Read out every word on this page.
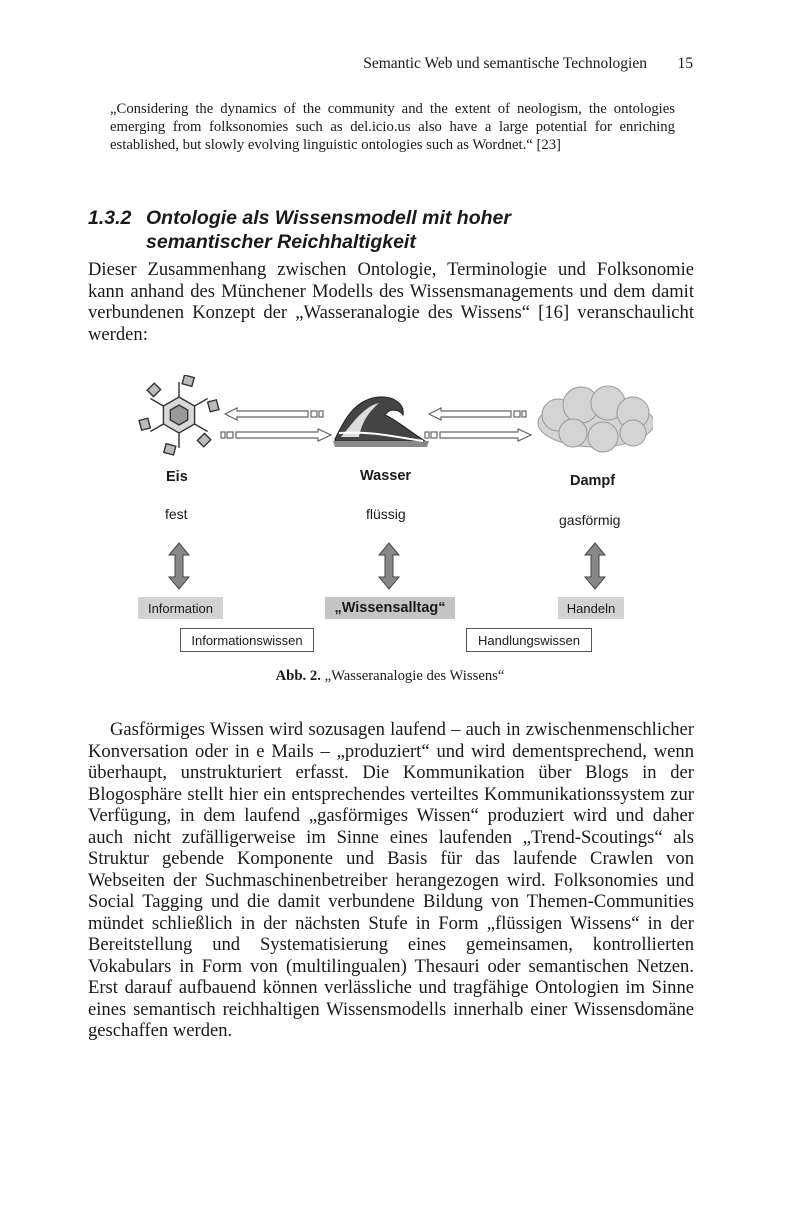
Semantic Web und semantische Technologien 15
„Considering the dynamics of the community and the extent of neologism, the ontologies emerging from folksonomies such as del.icio.us also have a large potential for enriching established, but slowly evolving linguistic ontologies such as Wordnet.“ [23]
1.3.2 Ontologie als Wissensmodell mit hoher
semantischer Reichhaltigkeit
Dieser Zusammenhang zwischen Ontologie, Terminologie und Folksonomie kann anhand des Münchener Modells des Wissensmanagements und dem damit verbundenen Konzept der „Wasseranalogie des Wissens“ [16] veranschaulicht werden:
Eis
fest
Wasser
flüssig
Dampf
gasförmig
Information	„Wissensalltag“	Handeln
Informationswissen	Handlungswissen
Abb. 2. „Wasseranalogie des Wissens“
Gasförmiges Wissen wird sozusagen laufend – auch in zwischenmenschlicher Konversation oder in e Mails – „produziert“ und wird dementsprechend, wenn überhaupt, unstrukturiert erfasst. Die Kommunikation über Blogs in der Blogosphäre stellt hier ein entsprechendes verteiltes Kommunikationssystem zur Verfügung, in dem laufend „gasförmiges Wissen“ produziert wird und daher auch nicht zufälligerweise im Sinne eines laufenden „Trend-Scoutings“ als Struktur gebende Komponente und Basis für das laufende Crawlen von Webseiten der Suchmaschinenbetreiber herangezogen wird. Folksonomies und Social Tagging und die damit verbundene Bildung von Themen-Communities mündet schließlich in der nächsten Stufe in Form „flüssigen Wissens“ in der Bereitstellung und Systematisierung eines gemeinsamen, kontrollierten Vokabulars in Form von (multilingualen) Thesauri oder semantischen Netzen. Erst darauf aufbauend können verlässliche und tragfähige Ontologien im Sinne eines semantisch reichhaltigen Wissensmodells innerhalb einer Wissensdomäne geschaffen werden.
